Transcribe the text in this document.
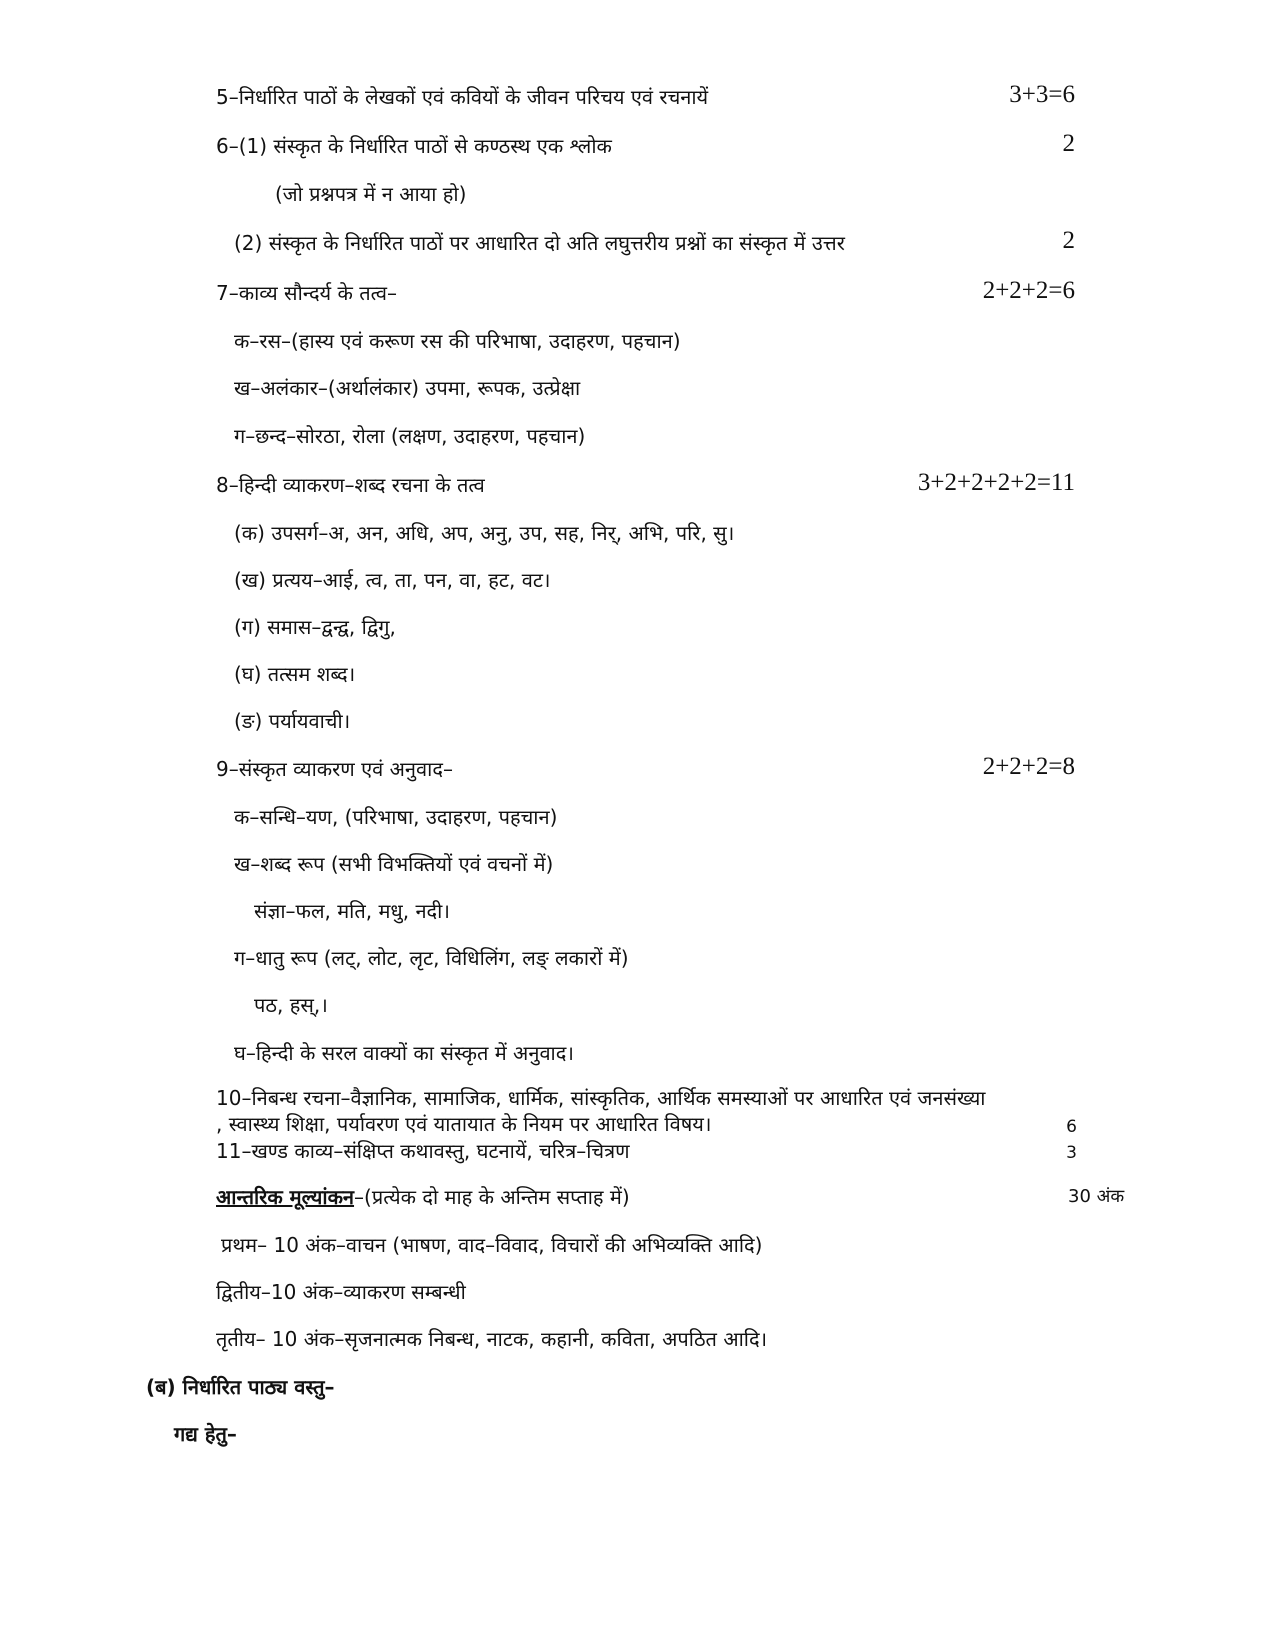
5–निर्धारित पाठों के लेखकों एवं कवियों के जीवन परिचय एवं रचनायें	3+3=6
6–(1) संस्कृत के निर्धारित पाठों से कण्ठस्थ एक श्लोक	2
(जो प्रश्नपत्र में न आया हो)
(2) संस्कृत के निर्धारित पाठों पर आधारित दो अति लघुत्तरीय प्रश्नों का संस्कृत में उत्तर	2
7–काव्य सौन्दर्य के तत्व–	2+2+2=6
क–रस–(हास्य एवं करूण रस की परिभाषा, उदाहरण, पहचान)
ख–अलंकार–(अर्थालंकार) उपमा, रूपक, उत्प्रेक्षा
ग–छन्द–सोरठा, रोला (लक्षण, उदाहरण, पहचान)
8–हिन्दी व्याकरण–शब्द रचना के तत्व	3+2+2+2+2=11
(क) उपसर्ग–अ, अन, अधि, अप, अनु, उप, सह, निर्, अभि, परि, सु।
(ख) प्रत्यय–आई, त्व, ता, पन, वा, हट, वट।
(ग) समास–द्वन्द्व, द्विगु,
(घ) तत्सम शब्द।
(ङ) पर्यायवाची।
9–संस्कृत व्याकरण एवं अनुवाद–	2+2+2=8
क–सन्धि–यण, (परिभाषा, उदाहरण, पहचान)
ख–शब्द रूप (सभी विभक्तियों एवं वचनों में)
संज्ञा–फल, मति, मधु, नदी।
ग–धातु रूप (लट्, लोट, लृट, विधिलिंग, लङ् लकारों में)
पठ, हस्,।
घ–हिन्दी के सरल वाक्यों का संस्कृत में अनुवाद।
10–निबन्ध रचना–वैज्ञानिक, सामाजिक, धार्मिक, सांस्कृतिक, आर्थिक समस्याओं पर आधारित एवं जनसंख्या
, स्वास्थ्य शिक्षा, पर्यावरण एवं यातायात के नियम पर आधारित विषय।	6
11–खण्ड काव्य–संक्षिप्त कथावस्तु, घटनायें, चरित्र–चित्रण	3
आन्तरिक मूल्यांकन–(प्रत्येक दो माह के अन्तिम सप्ताह में)	30 अंक
प्रथम– 10 अंक–वाचन (भाषण, वाद–विवाद, विचारों की अभिव्यक्ति आदि)
द्वितीय–10 अंक–व्याकरण सम्बन्धी
तृतीय– 10 अंक–सृजनात्मक निबन्ध, नाटक, कहानी, कविता, अपठित आदि।
(ब) निर्धारित पाठ्य वस्तु–
गद्य हेतु–
